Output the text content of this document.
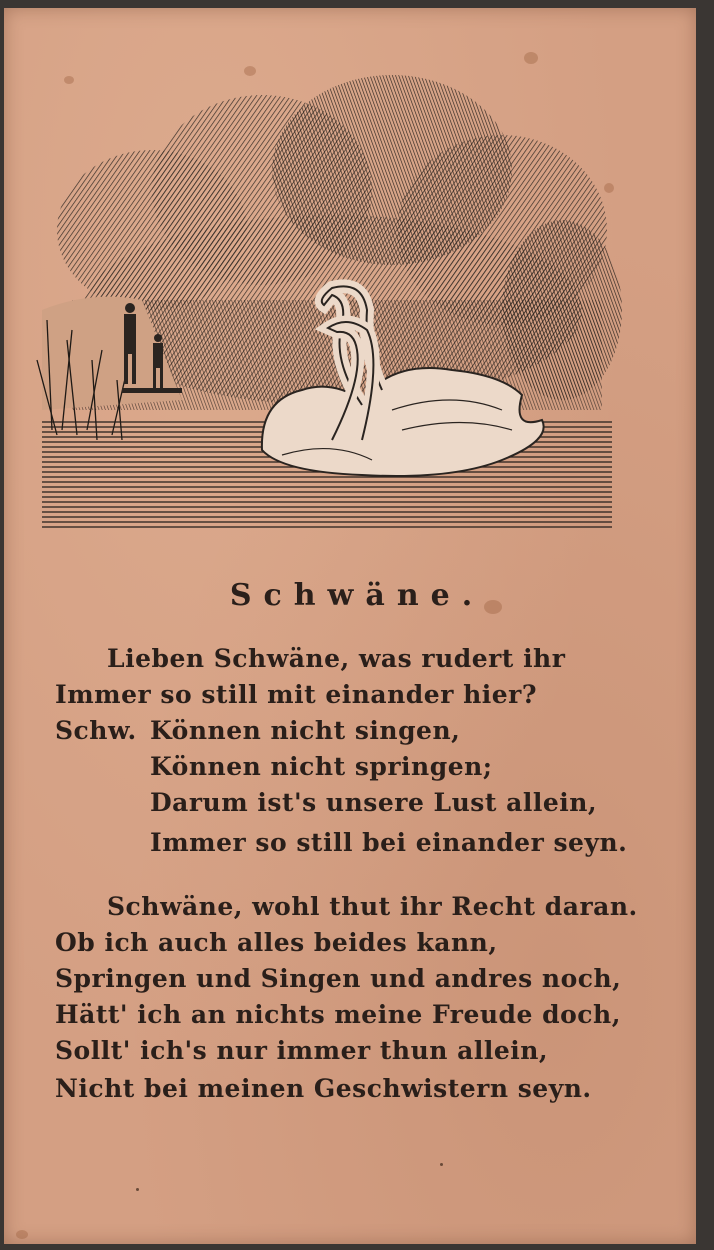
Schwäne.
Lieben Schwäne, was rudert ihr
Immer so still mit einander hier?
Schw. Können nicht singen,
Können nicht springen;
Darum ist's unsere Lust allein,
Immer so still bei einander seyn.
Schwäne, wohl thut ihr Recht daran.
Ob ich auch alles beides kann,
Springen und Singen und andres noch,
Hätt' ich an nichts meine Freude doch,
Sollt' ich's nur immer thun allein,
Nicht bei meinen Geschwistern seyn.
